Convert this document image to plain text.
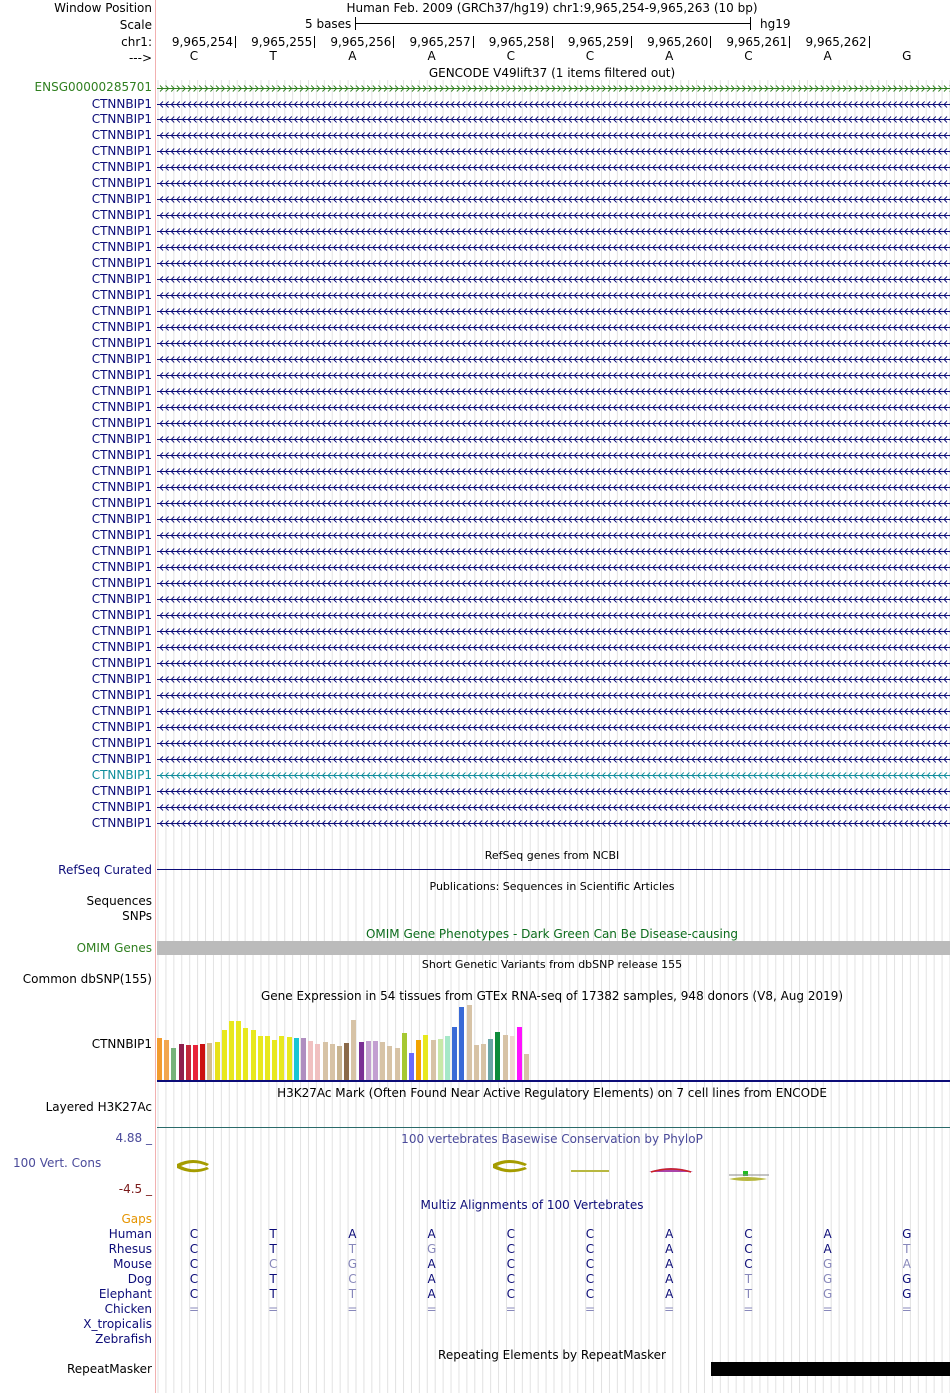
Window Position
Scale
chr1:
--->
Human Feb. 2009 (GRCh37/hg19) chr1:9,965,254-9,965,263 (10 bp)
5 bases	hg19
9,965,254 9,965,255 9,965,256 9,965,257 9,965,258 9,965,259 9,965,260 9,965,261 9,965,262
C	T	A	A	C	C	A	C	A	G
GENCODE V49lift37 (1 items filtered out)
ENSG00000285701
CTNNBIP1
CTNNBIP1
CTNNBIP1
CTNNBIP1
CTNNBIP1
CTNNBIP1
CTNNBIP1
CTNNBIP1
CTNNBIP1
CTNNBIP1
CTNNBIP1
CTNNBIP1
CTNNBIP1
CTNNBIP1
CTNNBIP1
CTNNBIP1
CTNNBIP1
CTNNBIP1
CTNNBIP1
CTNNBIP1
CTNNBIP1
CTNNBIP1
CTNNBIP1
CTNNBIP1
CTNNBIP1
CTNNBIP1
CTNNBIP1
CTNNBIP1
CTNNBIP1
CTNNBIP1
CTNNBIP1
CTNNBIP1
CTNNBIP1
CTNNBIP1
CTNNBIP1
CTNNBIP1
CTNNBIP1
CTNNBIP1
CTNNBIP1
CTNNBIP1
CTNNBIP1
CTNNBIP1
CTNNBIP1
CTNNBIP1
CTNNBIP1
CTNNBIP1
RefSeq genes from NCBI
RefSeq Curated
Publications: Sequences in Scientific Articles
Sequences
SNPs
OMIM Gene Phenotypes - Dark Green Can Be Disease-causing
OMIM Genes
Short Genetic Variants from dbSNP release 155
Common dbSNP(155)
Gene Expression in 54 tissues from GTEx RNA-seq of 17382 samples, 948 donors (V8, Aug 2019)
CTNNBIP1
H3K27Ac Mark (Often Found Near Active Regulatory Elements) on 7 cell lines from ENCODE
Layered H3K27Ac
4.88 _	100 vertebrates Basewise Conservation by PhyloP
100 Vert. Cons
-4.5 _
Multiz Alignments of 100 Vertebrates
Gaps
Human	C	T	A	A	C	C	A	C	A	G
Rhesus	C	T	T	G	C	C	A	C	A	T
Mouse	C	C	G	A	C	C	A	C	G	A
Dog	C	T	C	A	C	C	A	T	G	G
Elephant	C	T	T	A	C	C	A	T	G	G
Chicken	=	=	=	=	=	=	=	=	=	=
X_tropicalis
Zebrafish
Repeating Elements by RepeatMasker
RepeatMasker
